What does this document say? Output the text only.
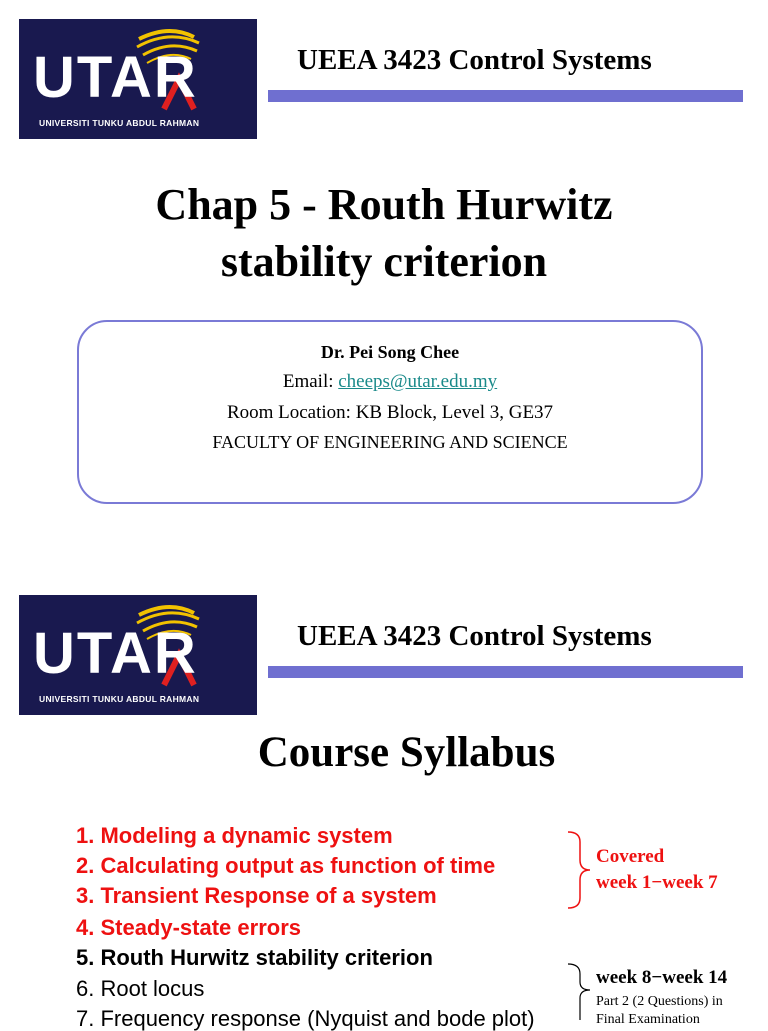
UTAR
UNIVERSITI TUNKU ABDUL RAHMAN
UEEA 3423 Control Systems
Chap 5 - Routh Hurwitz
stability criterion
Dr. Pei Song Chee
Email: cheeps@utar.edu.my
Room Location: KB Block, Level 3, GE37
FACULTY OF ENGINEERING AND SCIENCE
UTAR
UNIVERSITI TUNKU ABDUL RAHMAN
UEEA 3423 Control Systems
Course Syllabus
1. Modeling a dynamic system
2. Calculating output as function of time
3. Transient Response of a system
4. Steady-state errors
5. Routh Hurwitz stability criterion
6. Root locus
7. Frequency response (Nyquist and bode plot)
Covered
week 1−week 7
week 8−week 14
Part 2 (2 Questions) in
Final Examination
